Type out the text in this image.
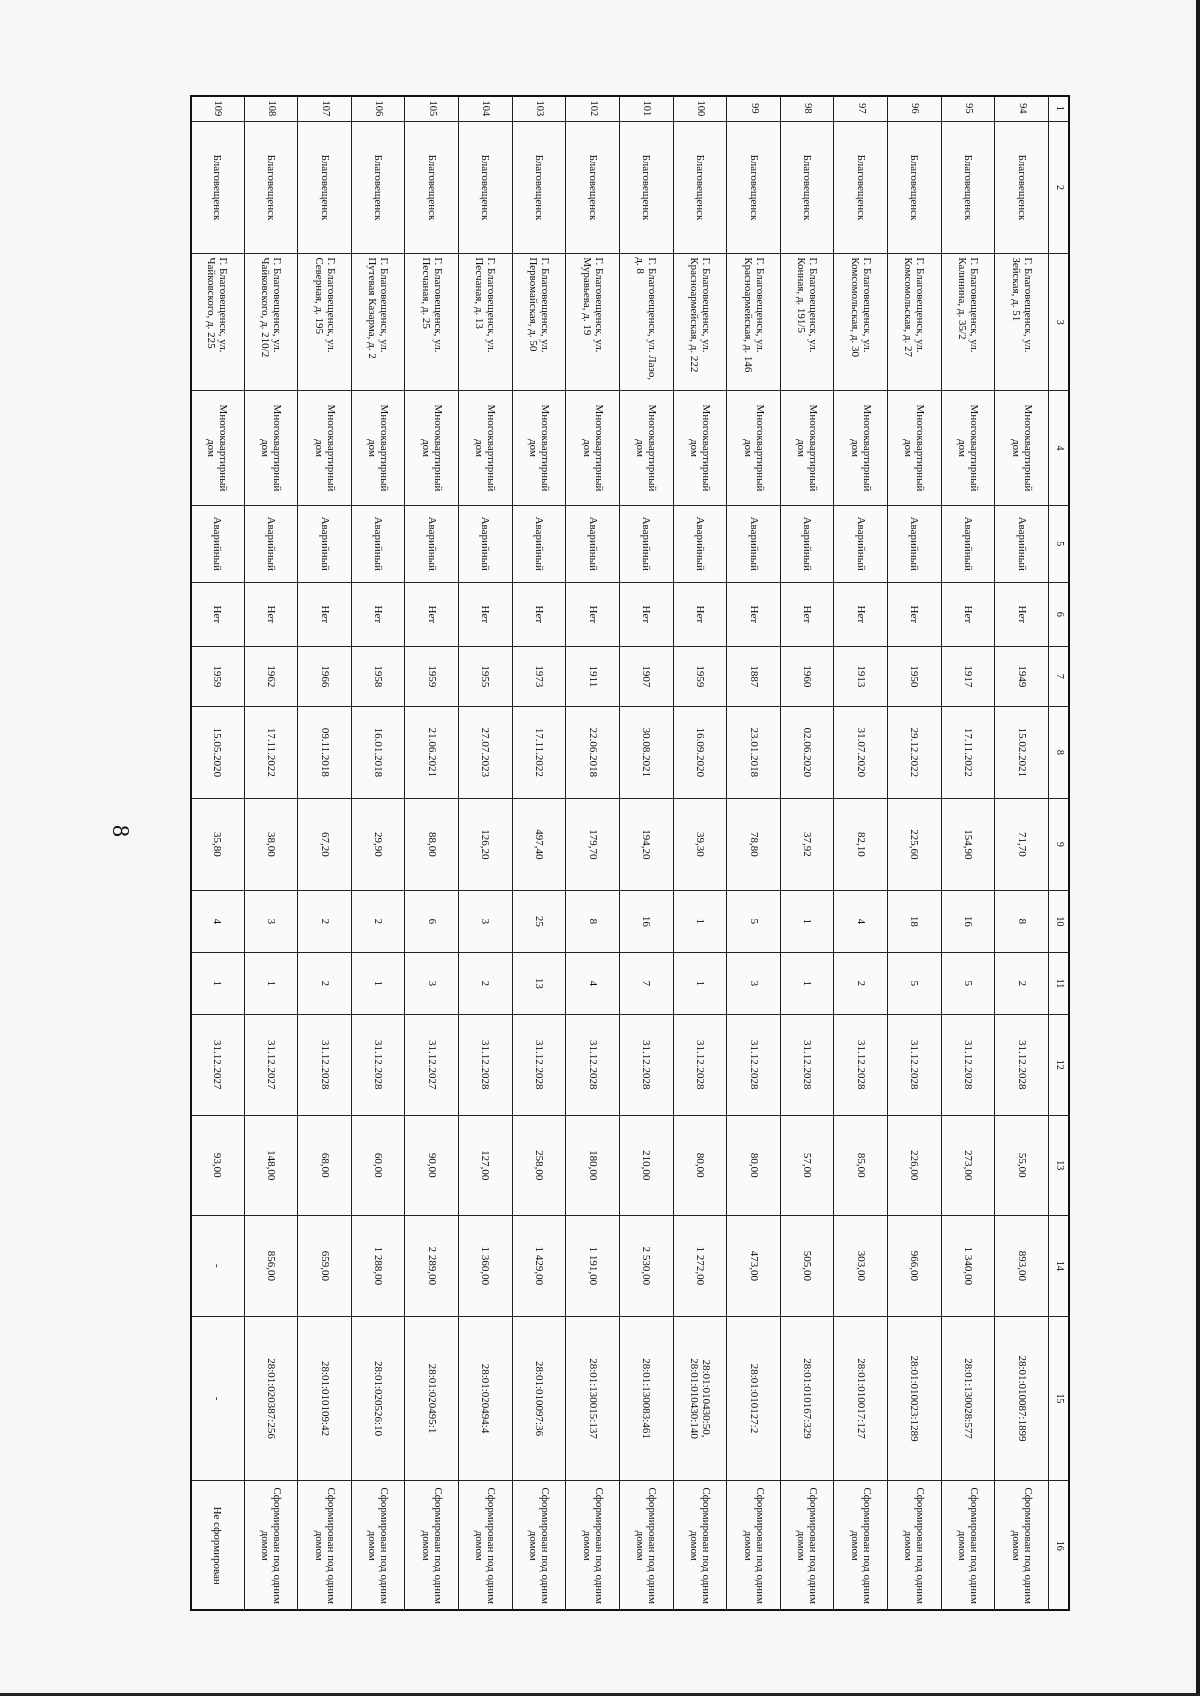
8
1	2	3	4	5	6	7	8	9	10	11	12	13	14	15	16
94	Благовещенск	Г. Благовещенск, ул. Зейская, д. 51	Многоквартирный дом	Аварийный	Нет	1949	15.02.2021	71,70	8	2	31.12.2028	55,00	893,00	28:01:010087:1899	Сформирован под одним домом
95	Благовещенск	Г. Благовещенск, ул. Калинина, д. 35/2	Многоквартирный дом	Аварийный	Нет	1917	17.11.2022	154,90	16	5	31.12.2028	273,00	1 340,00	28:01:130028:577	Сформирован под одним домом
96	Благовещенск	Г. Благовещенск, ул. Комсомольская, д. 27	Многоквартирный дом	Аварийный	Нет	1950	29.12.2022	225,60	18	5	31.12.2028	226,00	966,00	28:01:010023:1289	Сформирован под одним домом
97	Благовещенск	Г. Благовещенск, ул. Комсомольская, д. 30	Многоквартирный дом	Аварийный	Нет	1913	31.07.2020	82,10	4	2	31.12.2028	85,00	303,00	28:01:010017:127	Сформирован под одним домом
98	Благовещенск	Г. Благовещенск, ул. Конная, д. 191/5	Многоквартирный дом	Аварийный	Нет	1960	02.06.2020	37,92	1	1	31.12.2028	57,00	505,00	28:01:010167:329	Сформирован под одним домом
99	Благовещенск	Г. Благовещенск, ул. Красноармейская, д. 146	Многоквартирный дом	Аварийный	Нет	1887	23.01.2018	78,80	5	3	31.12.2028	80,00	473,00	28:01:010127:2	Сформирован под одним домом
100	Благовещенск	Г. Благовещенск, ул. Красноармейская, д. 222	Многоквартирный дом	Аварийный	Нет	1959	16.09.2020	39,30	1	1	31.12.2028	80,00	1 272,00	28:01:010430:50, 28:01:010430:140	Сформирован под одним домом
101	Благовещенск	Г. Благовещенск, ул. Лазо, д. 8	Многоквартирный дом	Аварийный	Нет	1907	30.08.2021	194,20	16	7	31.12.2028	210,00	2 530,00	28:01:130083:461	Сформирован под одним домом
102	Благовещенск	Г. Благовещенск, ул. Муравьева, д. 19	Многоквартирный дом	Аварийный	Нет	1911	22.06.2018	179,70	8	4	31.12.2028	180,00	1 191,00	28:01:130015:137	Сформирован под одним домом
103	Благовещенск	Г. Благовещенск, ул. Первомайская, д. 50	Многоквартирный дом	Аварийный	Нет	1973	17.11.2022	497,40	25	13	31.12.2028	258,00	1 429,00	28:01:010097:36	Сформирован под одним домом
104	Благовещенск	Г. Благовещенск, ул. Песчаная, д. 13	Многоквартирный дом	Аварийный	Нет	1955	27.07.2023	126,20	3	2	31.12.2028	127,00	1 360,00	28:01:020494:4	Сформирован под одним домом
105	Благовещенск	Г. Благовещенск, ул. Песчаная, д. 25	Многоквартирный дом	Аварийный	Нет	1959	21.06.2021	88,00	6	3	31.12.2027	90,00	2 289,00	28:01:020495:1	Сформирован под одним домом
106	Благовещенск	Г. Благовещенск, ул. Путевая Казарма, д. 2	Многоквартирный дом	Аварийный	Нет	1958	16.01.2018	29,90	2	1	31.12.2028	60,00	1 288,00	28:01:020526:10	Сформирован под одним домом
107	Благовещенск	Г. Благовещенск, ул. Северная, д. 195	Многоквартирный дом	Аварийный	Нет	1966	09.11.2018	67,20	2	2	31.12.2028	68,00	659,00	28:01:010109:42	Сформирован под одним домом
108	Благовещенск	Г. Благовещенск, ул. Чайковского, д. 210/2	Многоквартирный дом	Аварийный	Нет	1962	17.11.2022	38,00	3	1	31.12.2027	148,00	856,00	28:01:020387:256	Сформирован под одним домом
109	Благовещенск	Г. Благовещенск, ул. Чайковского, д. 225	Многоквартирный дом	Аварийный	Нет	1959	15.05.2020	35,80	4	1	31.12.2027	93,00	-	-	Не сформирован
